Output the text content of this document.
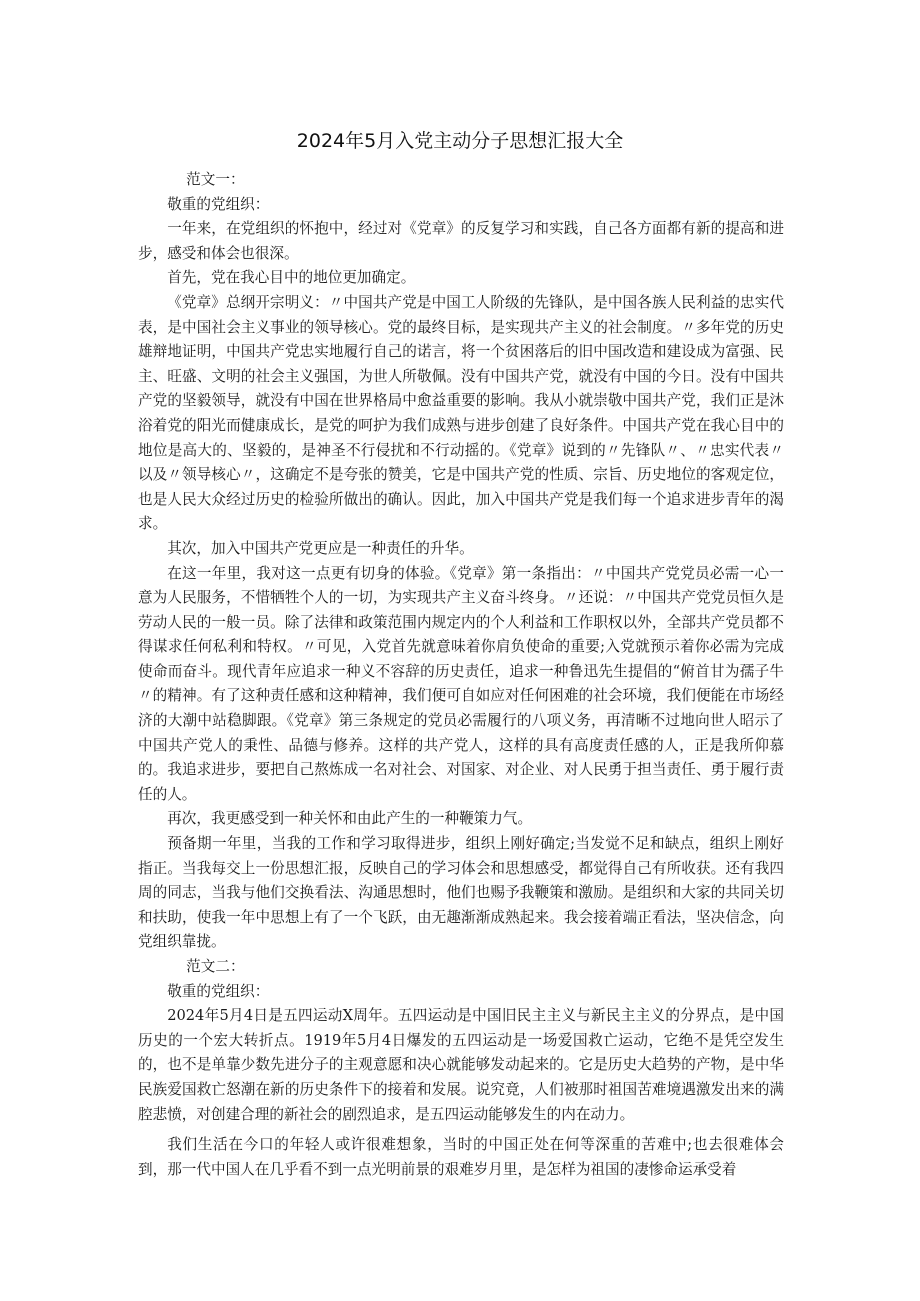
2024年5月入党主动分子思想汇报大全

范文一：

敬重的党组织：

一年来，在党组织的怀抱中，经过对《党章》的反复学习和实践，自己各方面都有新的提高和进步，感受和体会也很深。

首先，党在我心目中的地位更加确定。

《党章》总纲开宗明义：〃中国共产党是中国工人阶级的先锋队，是中国各族人民利益的忠实代表，是中国社会主义事业的领导核心。党的最终目标，是实现共产主义的社会制度。〃多年党的历史雄辩地证明，中国共产党忠实地履行自己的诺言，将一个贫困落后的旧中国改造和建设成为富强、民主、旺盛、文明的社会主义强国，为世人所敬佩。没有中国共产党，就没有中国的今日。没有中国共产党的坚毅领导，就没有中国在世界格局中愈益重要的影响。我从小就崇敬中国共产党，我们正是沐浴着党的阳光而健康成长，是党的呵护为我们成熟与进步创建了良好条件。中国共产党在我心目中的地位是高大的、坚毅的，是神圣不行侵扰和不行动摇的。《党章》说到的〃先锋队〃、〃忠实代表〃以及〃领导核心〃，这确定不是夸张的赞美，它是中国共产党的性质、宗旨、历史地位的客观定位，也是人民大众经过历史的检验所做出的确认。因此，加入中国共产党是我们每一个追求进步青年的渴求。

其次，加入中国共产党更应是一种责任的升华。

在这一年里，我对这一点更有切身的体验。《党章》第一条指出：〃中国共产党党员必需一心一意为人民服务，不惜牺牲个人的一切，为实现共产主义奋斗终身。〃还说：〃中国共产党党员恒久是劳动人民的一般一员。除了法律和政策范围内规定内的个人利益和工作职权以外，全部共产党员都不得谋求任何私利和特权。〃可见，入党首先就意味着你肩负使命的重要;入党就预示着你必需为完成使命而奋斗。现代青年应追求一种义不容辞的历史责任，追求一种鲁迅先生提倡的“俯首甘为孺子牛〃的精神。有了这种责任感和这种精神，我们便可自如应对任何困难的社会环境，我们便能在市场经济的大潮中站稳脚跟。《党章》第三条规定的党员必需履行的八项义务，再清晰不过地向世人昭示了中国共产党人的秉性、品德与修养。这样的共产党人，这样的具有高度责任感的人，正是我所仰慕的。我追求进步，要把自己熬炼成一名对社会、对国家、对企业、对人民勇于担当责任、勇于履行责任的人。

再次，我更感受到一种关怀和由此产生的一种鞭策力气。

预备期一年里，当我的工作和学习取得进步，组织上刚好确定;当发觉不足和缺点，组织上刚好指正。当我每交上一份思想汇报，反映自己的学习体会和思想感受，都觉得自己有所收获。还有我四周的同志，当我与他们交换看法、沟通思想时，他们也赐予我鞭策和激励。是组织和大家的共同关切和扶助，使我一年中思想上有了一个飞跃，由无趣渐渐成熟起来。我会接着端正看法，坚决信念，向党组织靠拢。

范文二：

敬重的党组织：

2024年5月4日是五四运动X周年。五四运动是中国旧民主主义与新民主主义的分界点，是中国历史的一个宏大转折点。1919年5月4日爆发的五四运动是一场爱国救亡运动，它绝不是凭空发生的，也不是单靠少数先进分子的主观意愿和决心就能够发动起来的。它是历史大趋势的产物，是中华民族爱国救亡怒潮在新的历史条件下的接着和发展。说究竟，人们被那时祖国苦难境遇激发出来的满腔悲愤，对创建合理的新社会的剧烈追求，是五四运动能够发生的内在动力。

我们生活在今口的年轻人或许很难想象，当时的中国正处在何等深重的苦难中;也去很难体会到，那一代中国人在几乎看不到一点光明前景的艰难岁月里，是怎样为祖国的凄惨命运承受着
